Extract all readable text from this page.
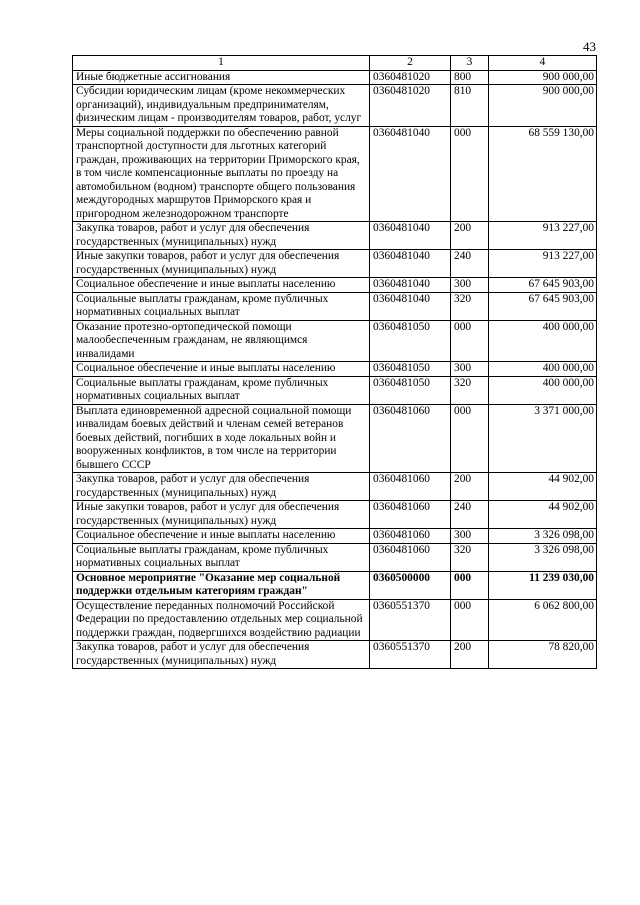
43
1	2	3	4
Иные бюджетные ассигнования	0360481020	800	900 000,00
Субсидии юридическим лицам (кроме некоммерческих организаций), индивидуальным предпринимателям, физическим лицам - производителям товаров, работ, услуг	0360481020	810	900 000,00
Меры социальной поддержки по обеспечению равной транспортной доступности для льготных категорий граждан, проживающих на территории Приморского края, в том числе компенсационные выплаты по проезду на автомобильном (водном) транспорте общего пользования междугородных маршрутов Приморского края и пригородном железнодорожном транспорте	0360481040	000	68 559 130,00
Закупка товаров, работ и услуг для обеспечения государственных (муниципальных) нужд	0360481040	200	913 227,00
Иные закупки товаров, работ и услуг для обеспечения государственных (муниципальных) нужд	0360481040	240	913 227,00
Социальное обеспечение и иные выплаты населению	0360481040	300	67 645 903,00
Социальные выплаты гражданам, кроме публичных нормативных социальных выплат	0360481040	320	67 645 903,00
Оказание протезно-ортопедической помощи малообеспеченным гражданам, не являющимся инвалидами	0360481050	000	400 000,00
Социальное обеспечение и иные выплаты населению	0360481050	300	400 000,00
Социальные выплаты гражданам, кроме публичных нормативных социальных выплат	0360481050	320	400 000,00
Выплата единовременной адресной социальной помощи инвалидам боевых действий и членам семей ветеранов боевых действий, погибших в ходе локальных войн и вооруженных конфликтов, в том числе на территории бывшего СССР	0360481060	000	3 371 000,00
Закупка товаров, работ и услуг для обеспечения государственных (муниципальных) нужд	0360481060	200	44 902,00
Иные закупки товаров, работ и услуг для обеспечения государственных (муниципальных) нужд	0360481060	240	44 902,00
Социальное обеспечение и иные выплаты населению	0360481060	300	3 326 098,00
Социальные выплаты гражданам, кроме публичных нормативных социальных выплат	0360481060	320	3 326 098,00
Основное мероприятие "Оказание мер социальной поддержки отдельным категориям граждан"	0360500000	000	11 239 030,00
Осуществление переданных полномочий Российской Федерации по предоставлению отдельных мер социальной поддержки граждан, подвергшихся воздействию радиации	0360551370	000	6 062 800,00
Закупка товаров, работ и услуг для обеспечения государственных (муниципальных) нужд	0360551370	200	78 820,00
